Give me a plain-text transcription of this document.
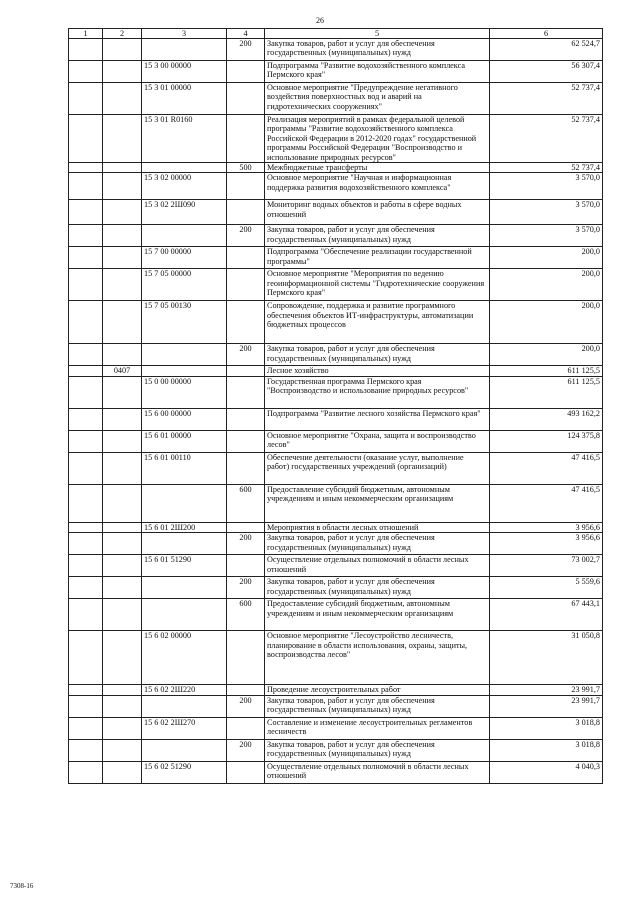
26
1	2	3	4	5	6
			200	Закупка товаров, работ и услуг для обеспечения государственных (муниципальных) нужд	62 524,7
		15 3 00 00000		Подпрограмма "Развитие водохозяйственного комплекса Пермского края"	56 307,4
		15 3 01 00000		Основное мероприятие "Предупреждение негативного воздействия поверхностных вод и аварий на гидротехнических сооружениях"	52 737,4
		15 3 01 R0160		Реализация мероприятий в рамках федеральной целевой программы "Развитие водохозяйственного комплекса Российской Федерации в 2012-2020 годах" государственной программы Российской Федерации "Воспроизводство и использование природных ресурсов"	52 737,4
			500	Межбюджетные трансферты	52 737,4
		15 3 02 00000		Основное мероприятие "Научная и информационная поддержка развития водохозяйственного комплекса"	3 570,0
		15 3 02 2Ш090		Мониторинг водных объектов и работы в сфере водных отношений	3 570,0
			200	Закупка товаров, работ и услуг для обеспечения государственных (муниципальных) нужд	3 570,0
		15 7 00 00000		Подпрограмма "Обеспечение реализации государственной программы"	200,0
		15 7 05 00000		Основное мероприятие "Мероприятия по ведению геоинформационной системы "Гидротехнические сооружения Пермского края"	200,0
		15 7 05 00130		Сопровождение, поддержка и развитие программного обеспечения объектов ИТ-инфраструктуры, автоматизации бюджетных процессов	200,0
			200	Закупка товаров, работ и услуг для обеспечения государственных (муниципальных) нужд	200,0
	0407			Лесное хозяйство	611 125,5
		15 0 00 00000		Государственная программа Пермского края "Воспроизводство и использование природных ресурсов"	611 125,5
		15 6 00 00000		Подпрограмма "Развитие лесного хозяйства Пермского края"	493 162,2
		15 6 01 00000		Основное мероприятие "Охрана, защита и воспроизводство лесов"	124 375,8
		15 6 01 00110		Обеспечение деятельности (оказание услуг, выполнение работ) государственных учреждений (организаций)	47 416,5
			600	Предоставление субсидий бюджетным, автономным учреждениям и иным некоммерческим организациям	47 416,5
		15 6 01 2Ш200		Мероприятия в области лесных отношений	3 956,6
			200	Закупка товаров, работ и услуг для обеспечения государственных (муниципальных) нужд	3 956,6
		15 6 01 51290		Осуществление отдельных полномочий в области лесных отношений	73 002,7
			200	Закупка товаров, работ и услуг для обеспечения государственных (муниципальных) нужд	5 559,6
			600	Предоставление субсидий бюджетным, автономным учреждениям и иным некоммерческим организациям	67 443,1
		15 6 02 00000		Основное мероприятие "Лесоустройство лесничеств, планирование в области использования, охраны, защиты, воспроизводства лесов"	31 050,8
		15 6 02 2Ш220		Проведение лесоустроительных работ	23 991,7
			200	Закупка товаров, работ и услуг для обеспечения государственных (муниципальных) нужд	23 991,7
		15 6 02 2Ш270		Составление и изменение лесоустроительных регламентов лесничеств	3 018,8
			200	Закупка товаров, работ и услуг для обеспечения государственных (муниципальных) нужд	3 018,8
		15 6 02 51290		Осуществление отдельных полномочий в области лесных отношений	4 040,3
7308-16
